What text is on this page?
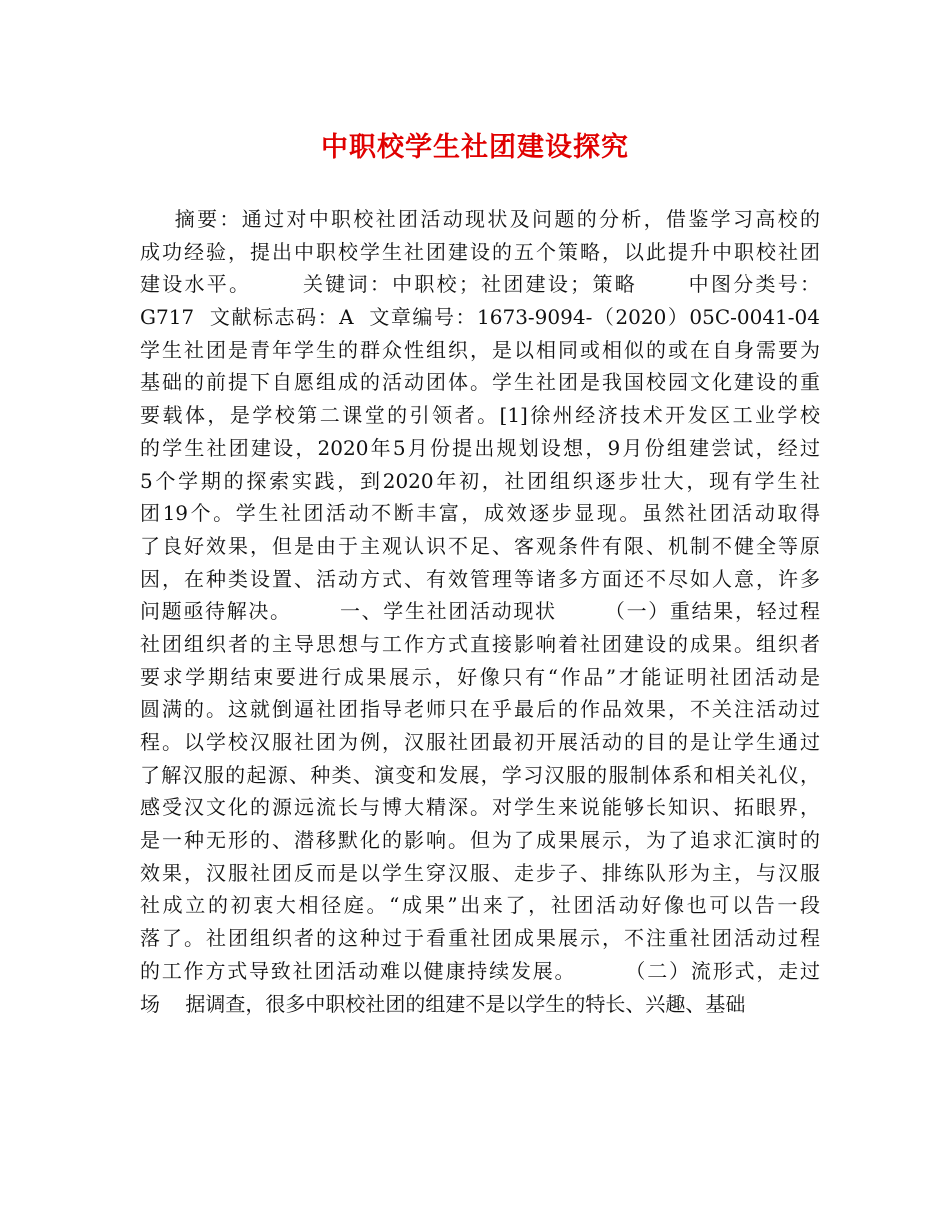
中职校学生社团建设探究
摘要：通过对中职校社团活动现状及问题的分析，借鉴学习高校的
成功经验，提出中职校学生社团建设的五个策略，以此提升中职校社团
建设水平。      关键词：中职校；社团建设；策略      中图分类号：
G717  文献标志码：A  文章编号：1673-9094-（2020）05C-0041-04
学生社团是青年学生的群众性组织，是以相同或相似的或在自身需要为
基础的前提下自愿组成的活动团体。学生社团是我国校园文化建设的重
要载体，是学校第二课堂的引领者。[1]徐州经济技术开发区工业学校
的学生社团建设，2020年5月份提出规划设想，9月份组建尝试，经过
5个学期的探索实践，到2020年初，社团组织逐步壮大，现有学生社
团19个。学生社团活动不断丰富，成效逐步显现。虽然社团活动取得
了良好效果，但是由于主观认识不足、客观条件有限、机制不健全等原
因，在种类设置、活动方式、有效管理等诸多方面还不尽如人意，许多
问题亟待解决。      一、学生社团活动现状      （一）重结果，轻过程
社团组织者的主导思想与工作方式直接影响着社团建设的成果。组织者
要求学期结束要进行成果展示，好像只有“作品”才能证明社团活动是
圆满的。这就倒逼社团指导老师只在乎最后的作品效果，不关注活动过
程。以学校汉服社团为例，汉服社团最初开展活动的目的是让学生通过
了解汉服的起源、种类、演变和发展，学习汉服的服制体系和相关礼仪，
感受汉文化的源远流长与博大精深。对学生来说能够长知识、拓眼界，
是一种无形的、潜移默化的影响。但为了成果展示，为了追求汇演时的
效果，汉服社团反而是以学生穿汉服、走步子、排练队形为主，与汉服
社成立的初衷大相径庭。“成果”出来了，社团活动好像也可以告一段
落了。社团组织者的这种过于看重社团成果展示，不注重社团活动过程
的工作方式导致社团活动难以健康持续发展。      （二）流形式，走过
场    据调查，很多中职校社团的组建不是以学生的特长、兴趣、基础
